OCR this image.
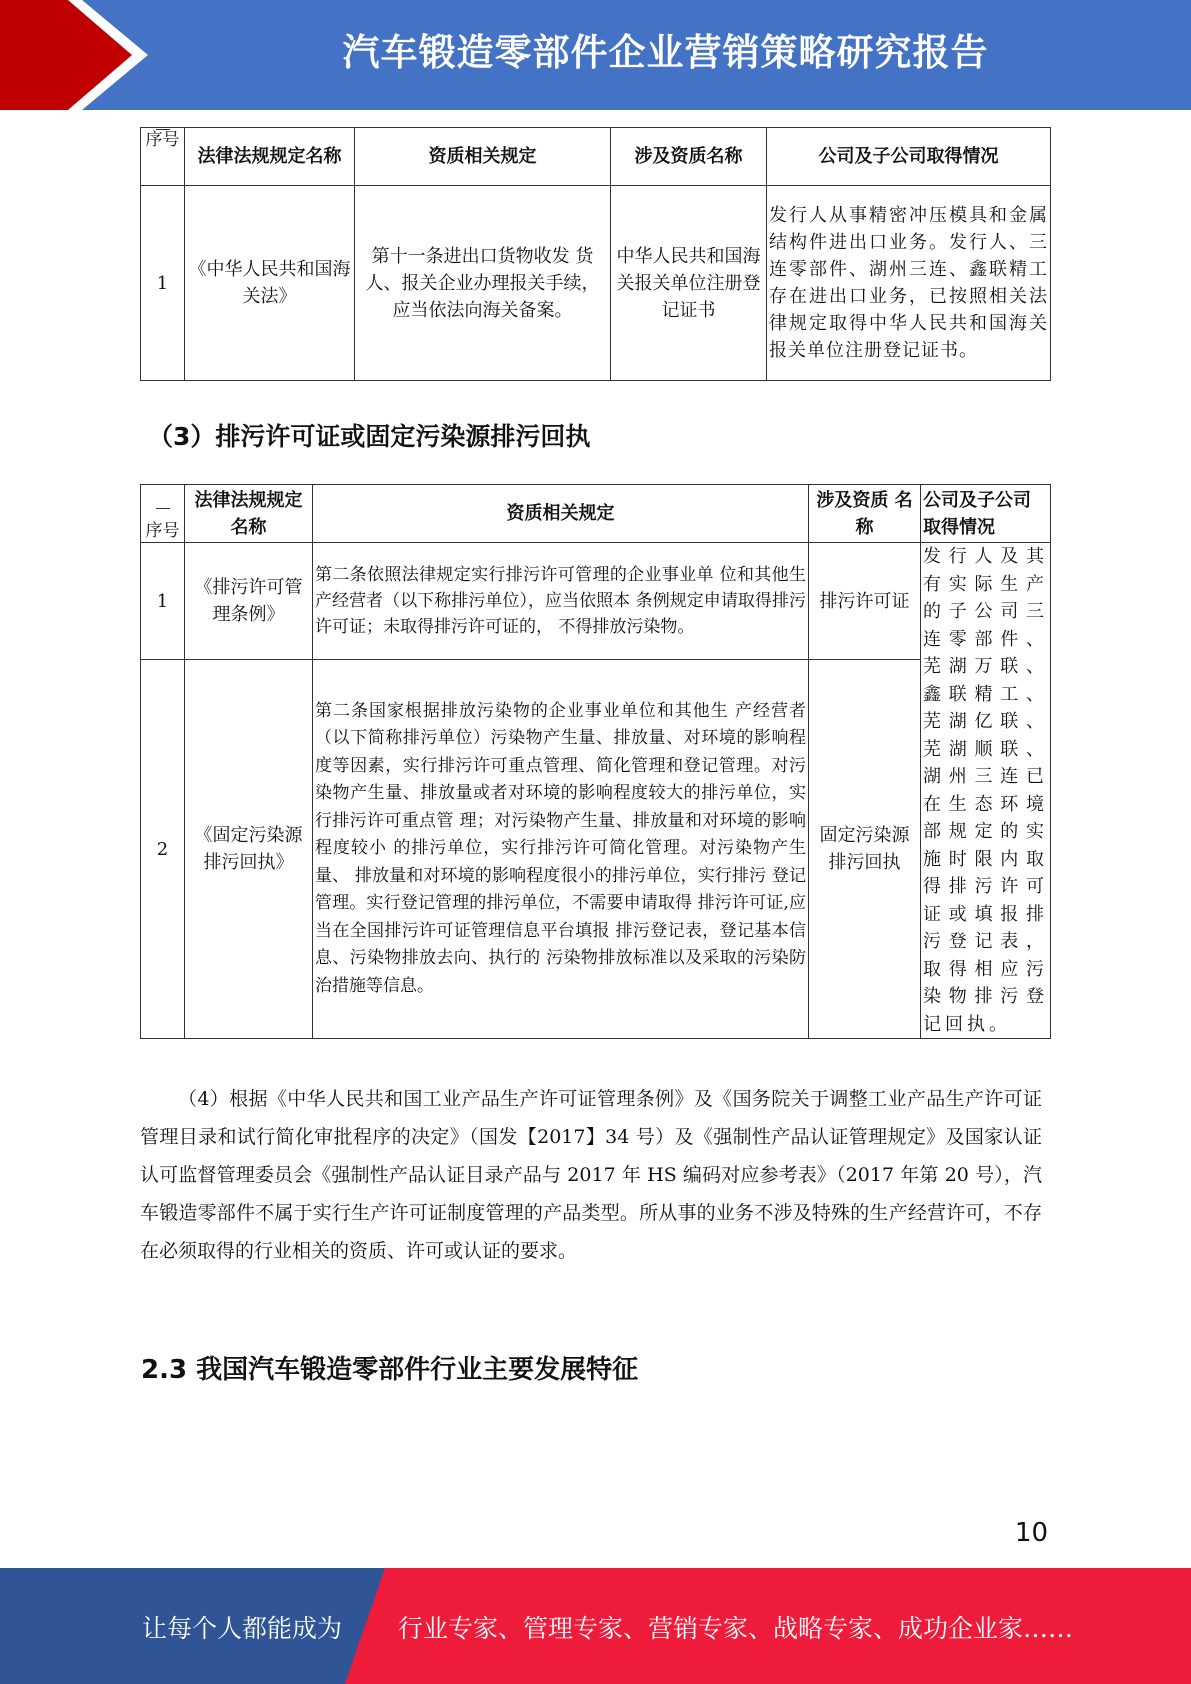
汽车锻造零部件企业营销策略研究报告
序号	法律法规规定名称	资质相关规定	涉及资质名称	公司及子公司取得情况
1	《中华人民共和国海关法》	第十一条进出口货物收发 货人、报关企业办理报关手续，应当依法向海关备案。	中华人民共和国海关报关单位注册登记证书	发行人从事精密冲压模具和金属结构件进出口业务。发行人、三连零部件、湖州三连、鑫联精工存在进出口业务，已按照相关法律规定取得中华人民共和国海关报关单位注册登记证书。
（3）排污许可证或固定污染源排污回执
序号	法律法规规定名称	资质相关规定	涉及资质 名称	公司及子公司取得情况
1	《排污许可管理条例》	第二条依照法律规定实行排污许可管理的企业事业单 位和其他生产经营者（以下称排污单位），应当依照本 条例规定申请取得排污许可证；未取得排污许可证的， 不得排放污染物。	排污许可证	发行人及其有实际生产的子公司三连零部件、芜湖万联、鑫联精工、芜湖亿联、芜湖顺联、湖州三连已在生态环境部规定的实施时限内取得排污许可证或填报排污登记表，取得相应污染物排污登记回执。
2	《固定污染源排污回执》	第二条国家根据排放污染物的企业事业单位和其他生 产经营者（以下简称排污单位）污染物产生量、排放量、对环境的影响程度等因素，实行排污许可重点管理、简化管理和登记管理。对污染物产生量、排放量或者对环境的影响程度较大的排污单位，实行排污许可重点管 理；对污染物产生量、排放量和对环境的影响程度较小 的排污单位，实行排污许可简化管理。对污染物产生量、 排放量和对环境的影响程度很小的排污单位，实行排污 登记管理。实行登记管理的排污单位，不需要申请取得 排污许可证,应当在全国排污许可证管理信息平台填报 排污登记表，登记基本信息、污染物排放去向、执行的 污染物排放标准以及采取的污染防治措施等信息。	固定污染源排污回执	

（4）根据《中华人民共和国工业产品生产许可证管理条例》及《国务院关于调整工业产品生产许可证管理目录和试行简化审批程序的决定》（国发【2017】34 号）及《强制性产品认证管理规定》及国家认证认可监督管理委员会《强制性产品认证目录产品与 2017 年 HS 编码对应参考表》（2017 年第 20 号），汽车锻造零部件不属于实行生产许可证制度管理的产品类型。所从事的业务不涉及特殊的生产经营许可，不存在必须取得的行业相关的资质、许可或认证的要求。

2.3 我国汽车锻造零部件行业主要发展特征
10
让每个人都能成为 行业专家、管理专家、营销专家、战略专家、成功企业家……
